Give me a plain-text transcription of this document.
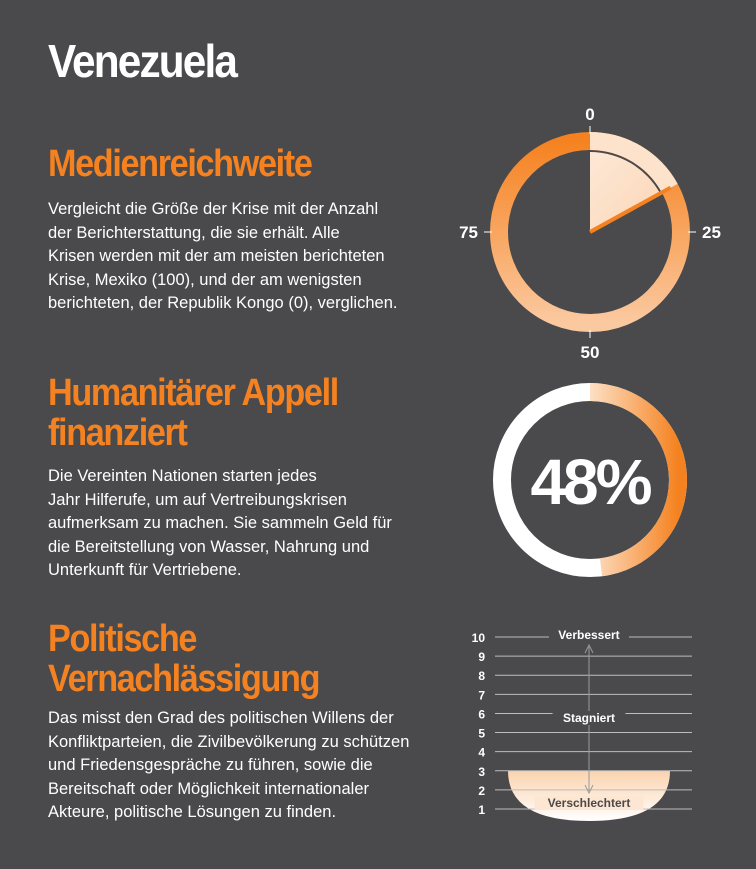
Venezuela
Medienreichweite
Vergleicht die Größe der Krise mit der Anzahl
der Berichterstattung, die sie erhält. Alle
Krisen werden mit der am meisten berichteten
Krise, Mexiko (100), und der am wenigsten
berichteten, der Republik Kongo (0), verglichen.
Humanitärer Appell
finanziert
Die Vereinten Nationen starten jedes
Jahr Hilferufe, um auf Vertreibungskrisen
aufmerksam zu machen. Sie sammeln Geld für
die Bereitstellung von Wasser, Nahrung und
Unterkunft für Vertriebene.
Politische
Vernachlässigung
Das misst den Grad des politischen Willens der
Konfliktparteien, die Zivilbevölkerung zu schützen
und Friedensgespräche zu führen, sowie die
Bereitschaft oder Möglichkeit internationaler
Akteure, politische Lösungen zu finden.
0
25
50
75
48%
1
2
3
4
5
6
7
8
9
10	Verbessert
Stagniert
Verschlechtert
